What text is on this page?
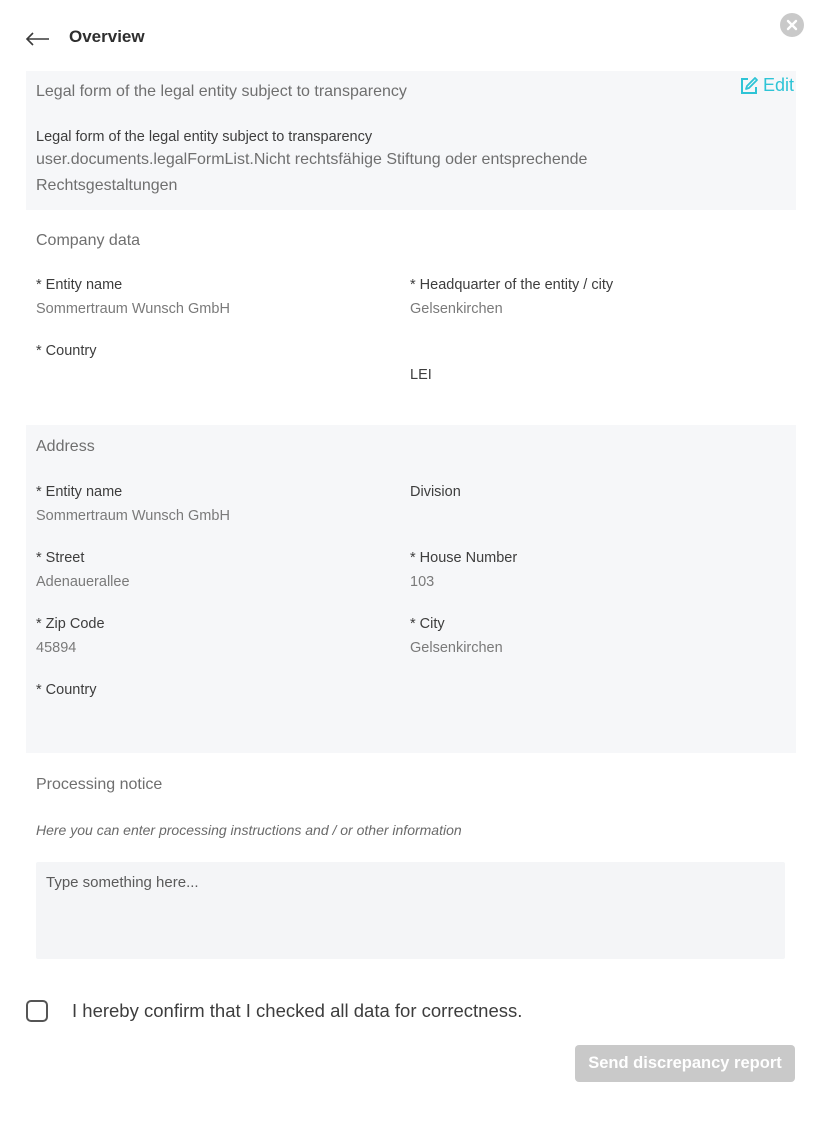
Overview
Legal form of the legal entity subject to transparency	Edit
Legal form of the legal entity subject to transparency
user.documents.legalFormList.Nicht rechtsfähige Stiftung oder entsprechende Rechtsgestaltungen
Company data
* Entity name
Sommertraum Wunsch GmbH
* Headquarter of the entity / city
Gelsenkirchen
* Country
LEI
Address
* Entity name
Sommertraum Wunsch GmbH
Division
* Street
Adenauerallee
* House Number
103
* Zip Code
45894
* City
Gelsenkirchen
* Country
Processing notice
Here you can enter processing instructions and / or other information
Type something here...
I hereby confirm that I checked all data for correctness.
Send discrepancy report
